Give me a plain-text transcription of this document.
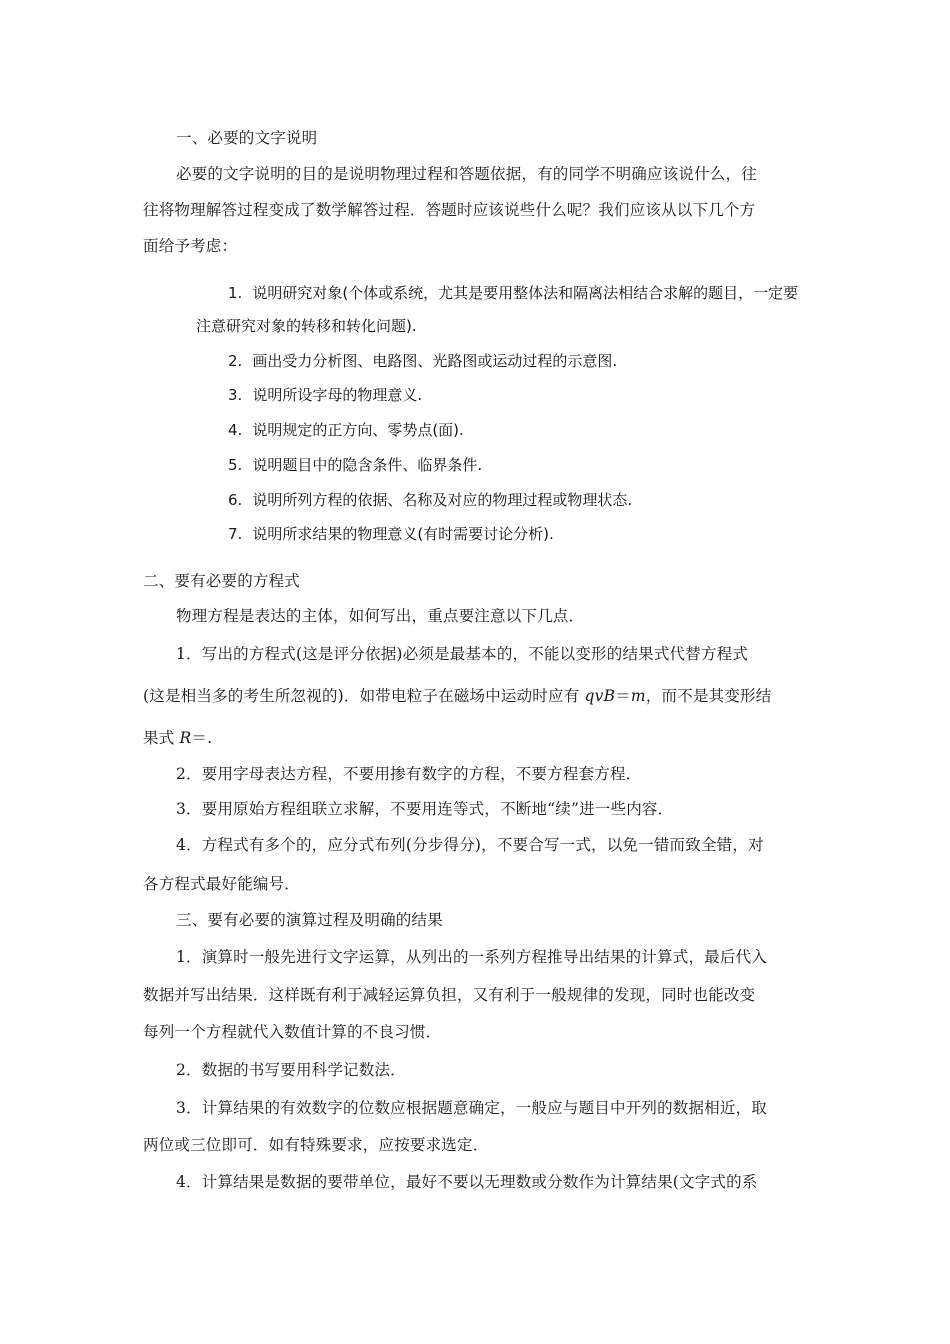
一、必要的文字说明
必要的文字说明的目的是说明物理过程和答题依据，有的同学不明确应该说什么，往
往将物理解答过程变成了数学解答过程．答题时应该说些什么呢？我们应该从以下几个方
面给予考虑：
1. 说明研究对象(个体或系统，尤其是要用整体法和隔离法相结合求解的题目，一定要
注意研究对象的转移和转化问题).
2. 画出受力分析图、电路图、光路图或运动过程的示意图.
3. 说明所设字母的物理意义.
4. 说明规定的正方向、零势点(面).
5. 说明题目中的隐含条件、临界条件.
6. 说明所列方程的依据、名称及对应的物理过程或物理状态.
7. 说明所求结果的物理意义(有时需要讨论分析).
二、要有必要的方程式
物理方程是表达的主体，如何写出，重点要注意以下几点．
1．写出的方程式(这是评分依据)必须是最基本的，不能以变形的结果式代替方程式
(这是相当多的考生所忽视的)．如带电粒子在磁场中运动时应有 qvB＝m，而不是其变形结
果式 R＝.
2．要用字母表达方程，不要用掺有数字的方程，不要方程套方程．
3．要用原始方程组联立求解，不要用连等式，不断地“续”进一些内容．
4．方程式有多个的，应分式布列(分步得分)，不要合写一式，以免一错而致全错，对
各方程式最好能编号．
三、要有必要的演算过程及明确的结果
1．演算时一般先进行文字运算，从列出的一系列方程推导出结果的计算式，最后代入
数据并写出结果．这样既有利于减轻运算负担，又有利于一般规律的发现，同时也能改变
每列一个方程就代入数值计算的不良习惯．
2．数据的书写要用科学记数法．
3．计算结果的有效数字的位数应根据题意确定，一般应与题目中开列的数据相近，取
两位或三位即可．如有特殊要求，应按要求选定．
4．计算结果是数据的要带单位，最好不要以无理数或分数作为计算结果(文字式的系
